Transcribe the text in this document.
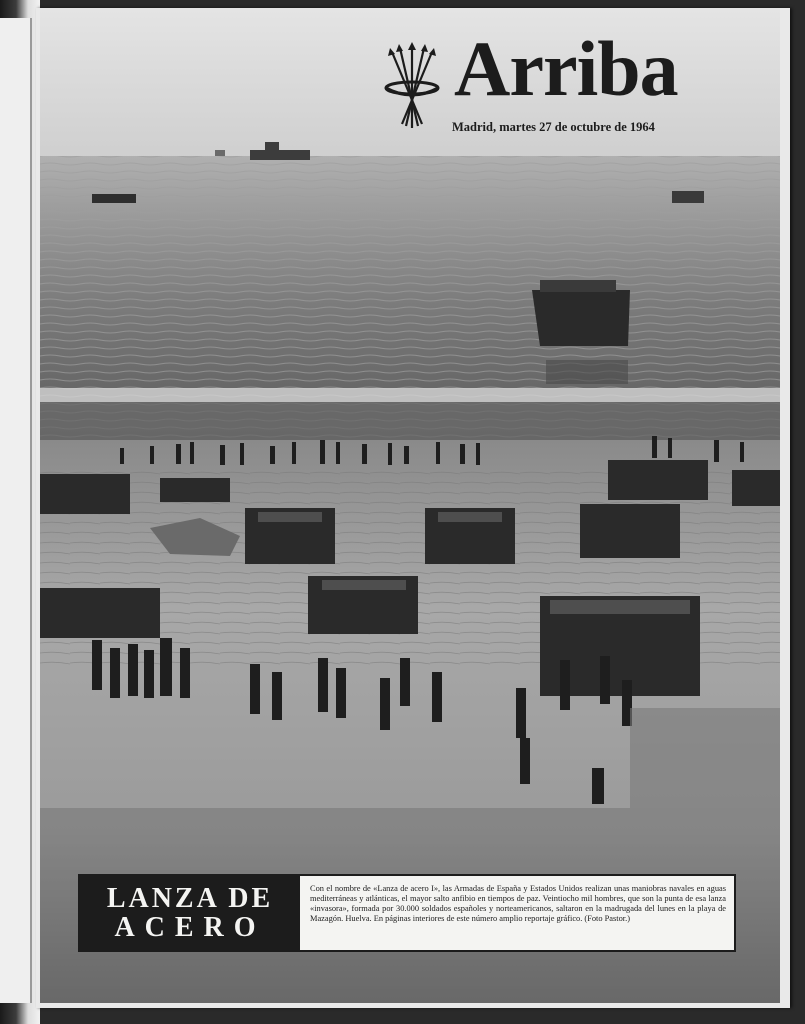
Arriba
Madrid, martes 27 de octubre de 1964
LANZA DE
ACERO
Con el nombre de «Lanza de acero I», las Armadas de España y Estados Unidos realizan unas maniobras navales en aguas mediterráneas y atlánticas, el mayor salto anfibio en tiempos de paz. Veintiocho mil hombres, que son la punta de esa lanza «invasora», formada por 30.000 soldados españoles y norteamericanos, saltaron en la madrugada del lunes en la playa de Mazagón. Huelva. En páginas interiores de este número amplio reportaje gráfico. (Foto Pastor.)
